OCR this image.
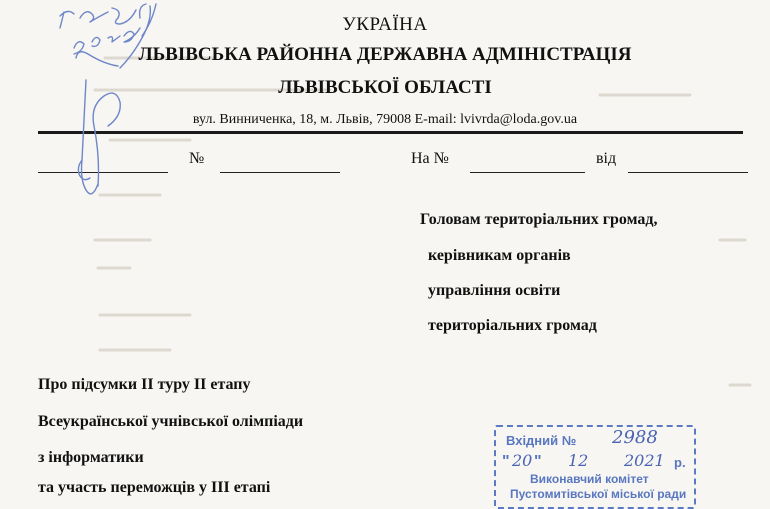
УКРАЇНА
ЛЬВІВСЬКА РАЙОННА ДЕРЖАВНА АДМІНІСТРАЦІЯ
ЛЬВІВСЬКОЇ ОБЛАСТІ
вул. Винниченка, 18, м. Львів, 79008 E-mail: lvivrda@loda.gov.ua
№	На №	від
Головам територіальних громад,
керівникам органів
управління освіти
територіальних громад
Про підсумки ІІ туру ІІ етапу
Всеукраїнської учнівської олімпіади
з інформатики
та участь переможців у ІІІ етапі
Вхідний № 2988
" 20 " 12 2021 р.
Виконавчий комітет
Пустомитівської міської ради
